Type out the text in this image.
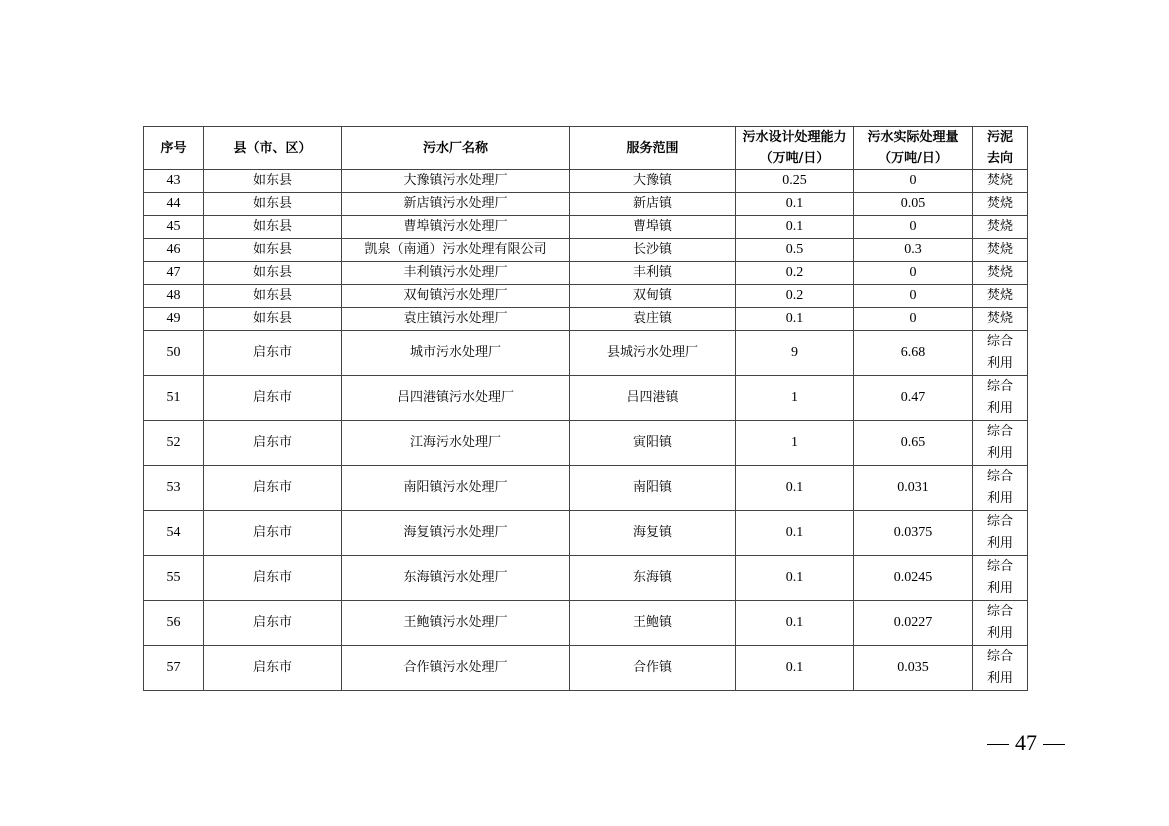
序号	县（市、区）	污水厂名称	服务范围	污水设计处理能力（万吨/日）	污水实际处理量（万吨/日）	污泥去向
43	如东县	大豫镇污水处理厂	大豫镇	0.25	0	焚烧
44	如东县	新店镇污水处理厂	新店镇	0.1	0.05	焚烧
45	如东县	曹埠镇污水处理厂	曹埠镇	0.1	0	焚烧
46	如东县	凯泉（南通）污水处理有限公司	长沙镇	0.5	0.3	焚烧
47	如东县	丰利镇污水处理厂	丰利镇	0.2	0	焚烧
48	如东县	双甸镇污水处理厂	双甸镇	0.2	0	焚烧
49	如东县	袁庄镇污水处理厂	袁庄镇	0.1	0	焚烧
50	启东市	城市污水处理厂	县城污水处理厂	9	6.68	综合利用
51	启东市	吕四港镇污水处理厂	吕四港镇	1	0.47	综合利用
52	启东市	江海污水处理厂	寅阳镇	1	0.65	综合利用
53	启东市	南阳镇污水处理厂	南阳镇	0.1	0.031	综合利用
54	启东市	海复镇污水处理厂	海复镇	0.1	0.0375	综合利用
55	启东市	东海镇污水处理厂	东海镇	0.1	0.0245	综合利用
56	启东市	王鲍镇污水处理厂	王鲍镇	0.1	0.0227	综合利用
57	启东市	合作镇污水处理厂	合作镇	0.1	0.035	综合利用
47
